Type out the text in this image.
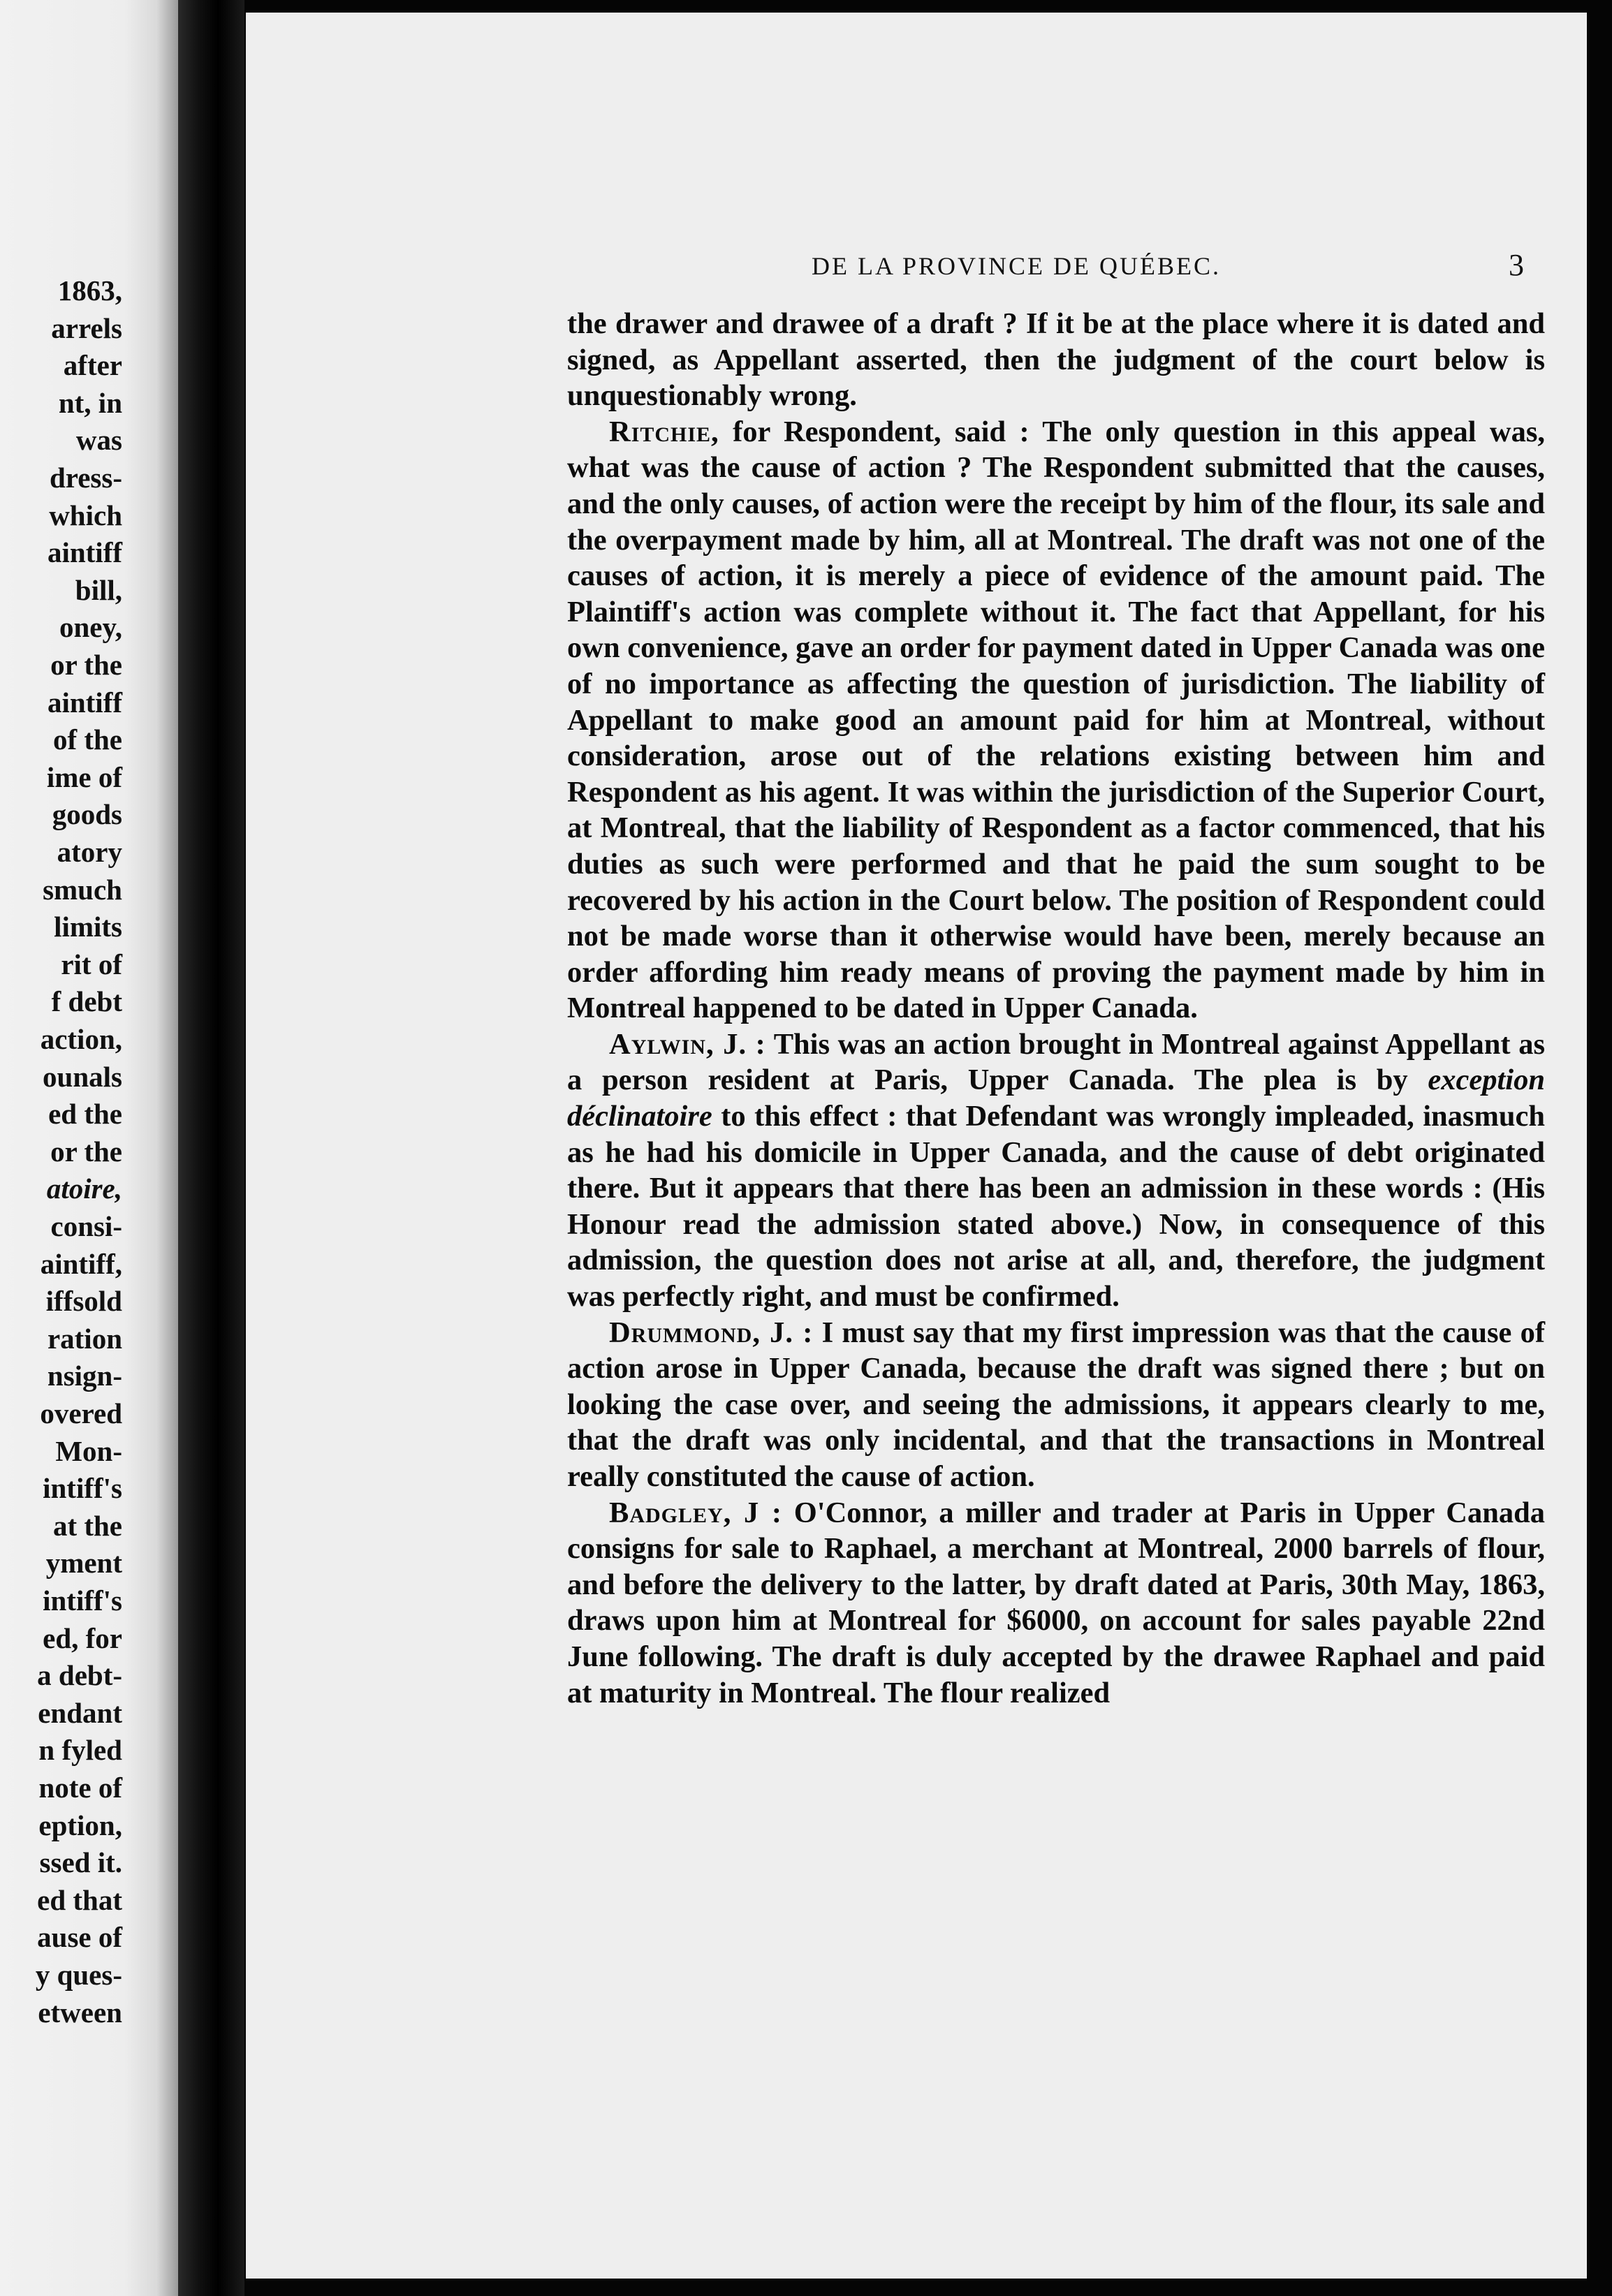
1863,
arrels
after
nt, in
was
dress-
which
aintiff
bill,
oney,
or the
aintiff
of the
ime of
goods
atory
smuch
limits
rit of
f debt
action,
ounals
ed the
or the
atoire,
consi-
aintiff,
iffsold
ration
nsign-
overed
Mon-
intiff's
at the
yment
intiff's
ed, for
a debt-
endant
n fyled
note of
eption,
ssed it.
ed that
ause of
y ques-
etween
DE LA PROVINCE DE QUÉBEC.	3

the drawer and drawee of a draft ? If it be at the place where it is dated and signed, as Appellant asserted, then the judgment of the court below is unquestionably wrong.

Ritchie, for Respondent, said : The only question in this appeal was, what was the cause of action ? The Respondent submitted that the causes, and the only causes, of action were the receipt by him of the flour, its sale and the overpayment made by him, all at Montreal. The draft was not one of the causes of action, it is merely a piece of evidence of the amount paid. The Plaintiff's action was complete without it. The fact that Appellant, for his own convenience, gave an order for payment dated in Upper Canada was one of no importance as affecting the question of jurisdiction. The liability of Appellant to make good an amount paid for him at Montreal, without consideration, arose out of the relations existing between him and Respondent as his agent. It was within the jurisdiction of the Superior Court, at Montreal, that the liability of Respondent as a factor commenced, that his duties as such were performed and that he paid the sum sought to be recovered by his action in the Court below. The position of Respondent could not be made worse than it otherwise would have been, merely because an order affording him ready means of proving the payment made by him in Montreal happened to be dated in Upper Canada.

Aylwin, J. : This was an action brought in Montreal against Appellant as a person resident at Paris, Upper Canada. The plea is by exception déclinatoire to this effect : that Defendant was wrongly impleaded, inasmuch as he had his domicile in Upper Canada, and the cause of debt originated there. But it appears that there has been an admission in these words : (His Honour read the admission stated above.) Now, in consequence of this admission, the question does not arise at all, and, therefore, the judgment was perfectly right, and must be confirmed.

Drummond, J. : I must say that my first impression was that the cause of action arose in Upper Canada, because the draft was signed there ; but on looking the case over, and seeing the admissions, it appears clearly to me, that the draft was only incidental, and that the transactions in Montreal really constituted the cause of action.

Badgley, J : O'Connor, a miller and trader at Paris in Upper Canada consigns for sale to Raphael, a merchant at Montreal, 2000 barrels of flour, and before the delivery to the latter, by draft dated at Paris, 30th May, 1863, draws upon him at Montreal for $6000, on account for sales payable 22nd June following. The draft is duly accepted by the drawee Raphael and paid at maturity in Montreal. The flour realized
